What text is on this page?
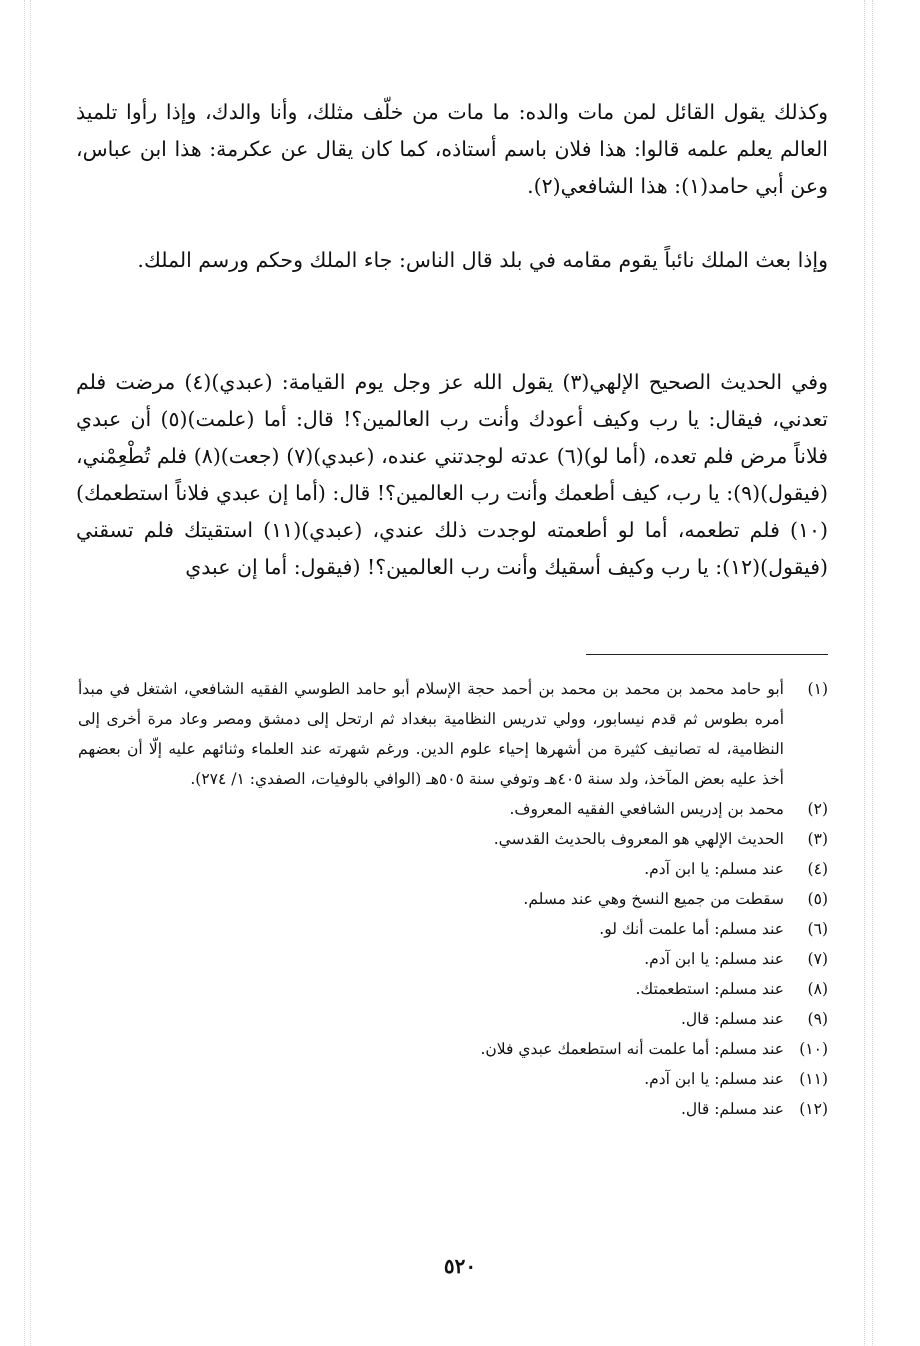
وكذلك يقول القائل لمن مات والده: ما مات من خلّف مثلك، وأنا والدك، وإذا رأوا تلميذ العالم يعلم علمه قالوا: هذا فلان باسم أستاذه، كما كان يقال عن عكرمة: هذا ابن عباس، وعن أبي حامد(١): هذا الشافعي(٢).

وإذا بعث الملك نائباً يقوم مقامه في بلد قال الناس: جاء الملك وحكم ورسم الملك.

وفي الحديث الصحيح الإلهي(٣) يقول الله عز وجل يوم القيامة: (عبدي)(٤) مرضت فلم تعدني، فيقال: يا رب وكيف أعودك وأنت رب العالمين؟! قال: أما (علمت)(٥) أن عبدي فلاناً مرض فلم تعده، (أما لو)(٦) عدته لوجدتني عنده، (عبدي)(٧) (جعت)(٨) فلم تُطْعِمْني، (فيقول)(٩): يا رب، كيف أطعمك وأنت رب العالمين؟! قال: (أما إن عبدي فلاناً استطعمك)(١٠) فلم تطعمه، أما لو أطعمته لوجدت ذلك عندي، (عبدي)(١١) استقيتك فلم تسقني (فيقول)(١٢): يا رب وكيف أسقيك وأنت رب العالمين؟! (فيقول: أما إن عبدي

(١)
أبو حامد محمد بن محمد بن محمد بن أحمد حجة الإسلام أبو حامد الطوسي الفقيه الشافعي، اشتغل في مبدأ أمره بطوس ثم قدم نيسابور، وولي تدريس النظامية ببغداد ثم ارتحل إلى دمشق ومصر وعاد مرة أخرى إلى النظامية، له تصانيف كثيرة من أشهرها إحياء علوم الدين. ورغم شهرته عند العلماء وثنائهم عليه إلّا أن بعضهم أخذ عليه بعض المآخذ، ولد سنة ٤٠٥هـ وتوفي سنة ٥٠٥هـ (الوافي بالوفيات، الصفدي: ١/ ٢٧٤).
(٢)
محمد بن إدريس الشافعي الفقيه المعروف.
(٣)
الحديث الإلهي هو المعروف بالحديث القدسي.
(٤)
عند مسلم: يا ابن آدم.
(٥)
سقطت من جميع النسخ وهي عند مسلم.
(٦)
عند مسلم: أما علمت أنك لو.
(٧)
عند مسلم: يا ابن آدم.
(٨)
عند مسلم: استطعمتك.
(٩)
عند مسلم: قال.
(١٠)
عند مسلم: أما علمت أنه استطعمك عبدي فلان.
(١١)
عند مسلم: يا ابن آدم.
(١٢)
عند مسلم: قال.
٥٢٠
